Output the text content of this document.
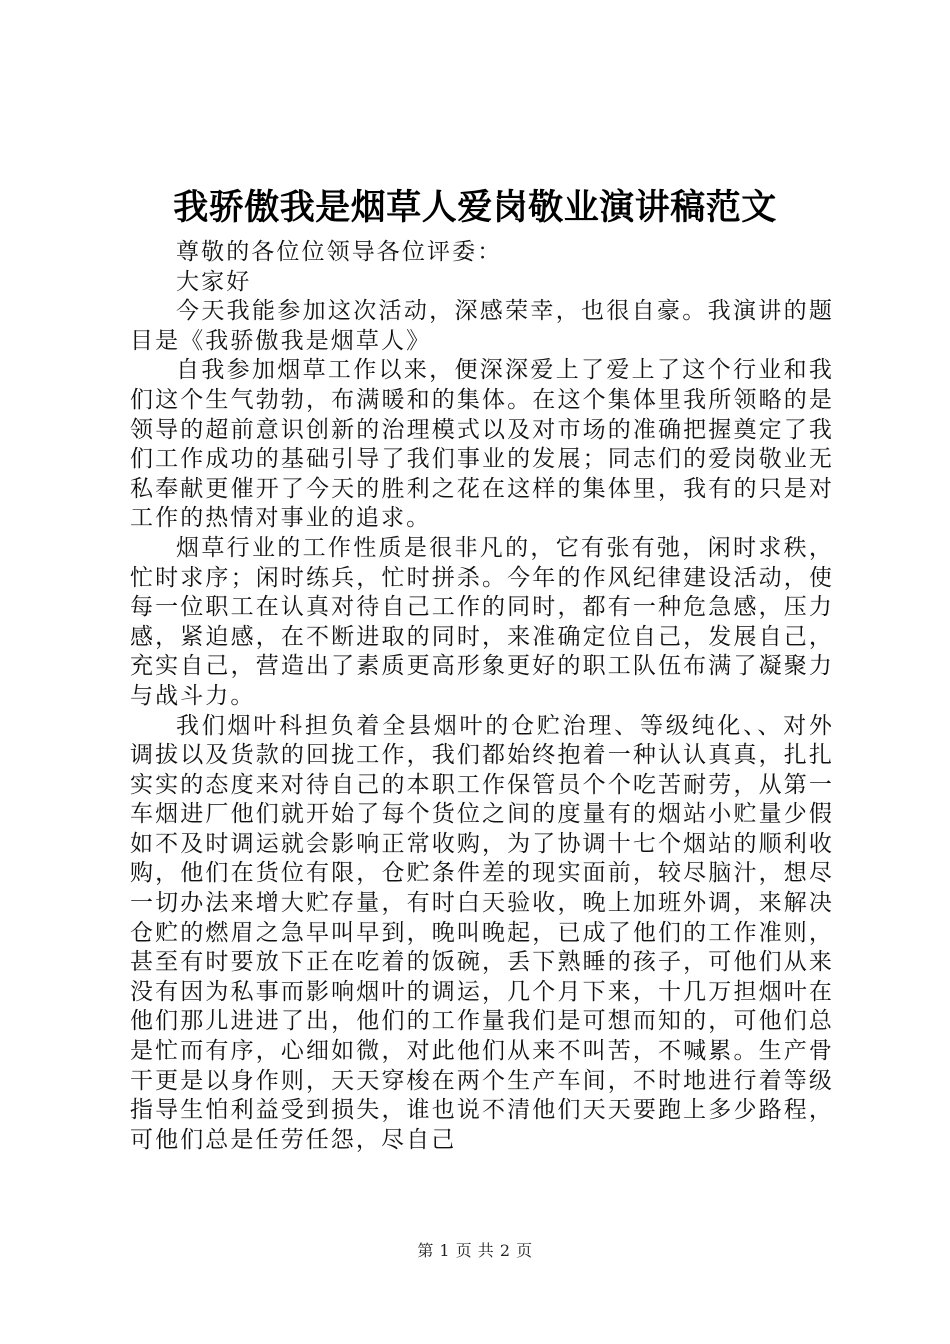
我骄傲我是烟草人爱岗敬业演讲稿范文

尊敬的各位位领导各位评委：

大家好

今天我能参加这次活动，深感荣幸，也很自豪。我演讲的题目是《我骄傲我是烟草人》

自我参加烟草工作以来，便深深爱上了爱上了这个行业和我们这个生气勃勃，布满暖和的集体。在这个集体里我所领略的是领导的超前意识创新的治理模式以及对市场的准确把握奠定了我们工作成功的基础引导了我们事业的发展；同志们的爱岗敬业无私奉献更催开了今天的胜利之花在这样的集体里，我有的只是对工作的热情对事业的追求。

烟草行业的工作性质是很非凡的，它有张有弛，闲时求秩，忙时求序；闲时练兵，忙时拼杀。今年的作风纪律建设活动，使每一位职工在认真对待自己工作的同时，都有一种危急感，压力感，紧迫感，在不断进取的同时，来准确定位自己，发展自己，充实自己，营造出了素质更高形象更好的职工队伍布满了凝聚力与战斗力。

我们烟叶科担负着全县烟叶的仓贮治理、等级纯化、、对外调拔以及货款的回拢工作，我们都始终抱着一种认认真真，扎扎实实的态度来对待自己的本职工作保管员个个吃苦耐劳，从第一车烟进厂他们就开始了每个货位之间的度量有的烟站小贮量少假如不及时调运就会影响正常收购，为了协调十七个烟站的顺利收购，他们在货位有限，仓贮条件差的现实面前，较尽脑汁，想尽一切办法来增大贮存量，有时白天验收，晚上加班外调，来解决仓贮的燃眉之急早叫早到，晚叫晚起，已成了他们的工作准则，甚至有时要放下正在吃着的饭碗，丢下熟睡的孩子，可他们从来没有因为私事而影响烟叶的调运，几个月下来，十几万担烟叶在他们那儿进进了出，他们的工作量我们是可想而知的，可他们总是忙而有序，心细如微，对此他们从来不叫苦，不喊累。生产骨干更是以身作则，天天穿梭在两个生产车间，不时地进行着等级指导生怕利益受到损失，谁也说不清他们天天要跑上多少路程，可他们总是任劳任怨，尽自己

第 1 页 共 2 页
